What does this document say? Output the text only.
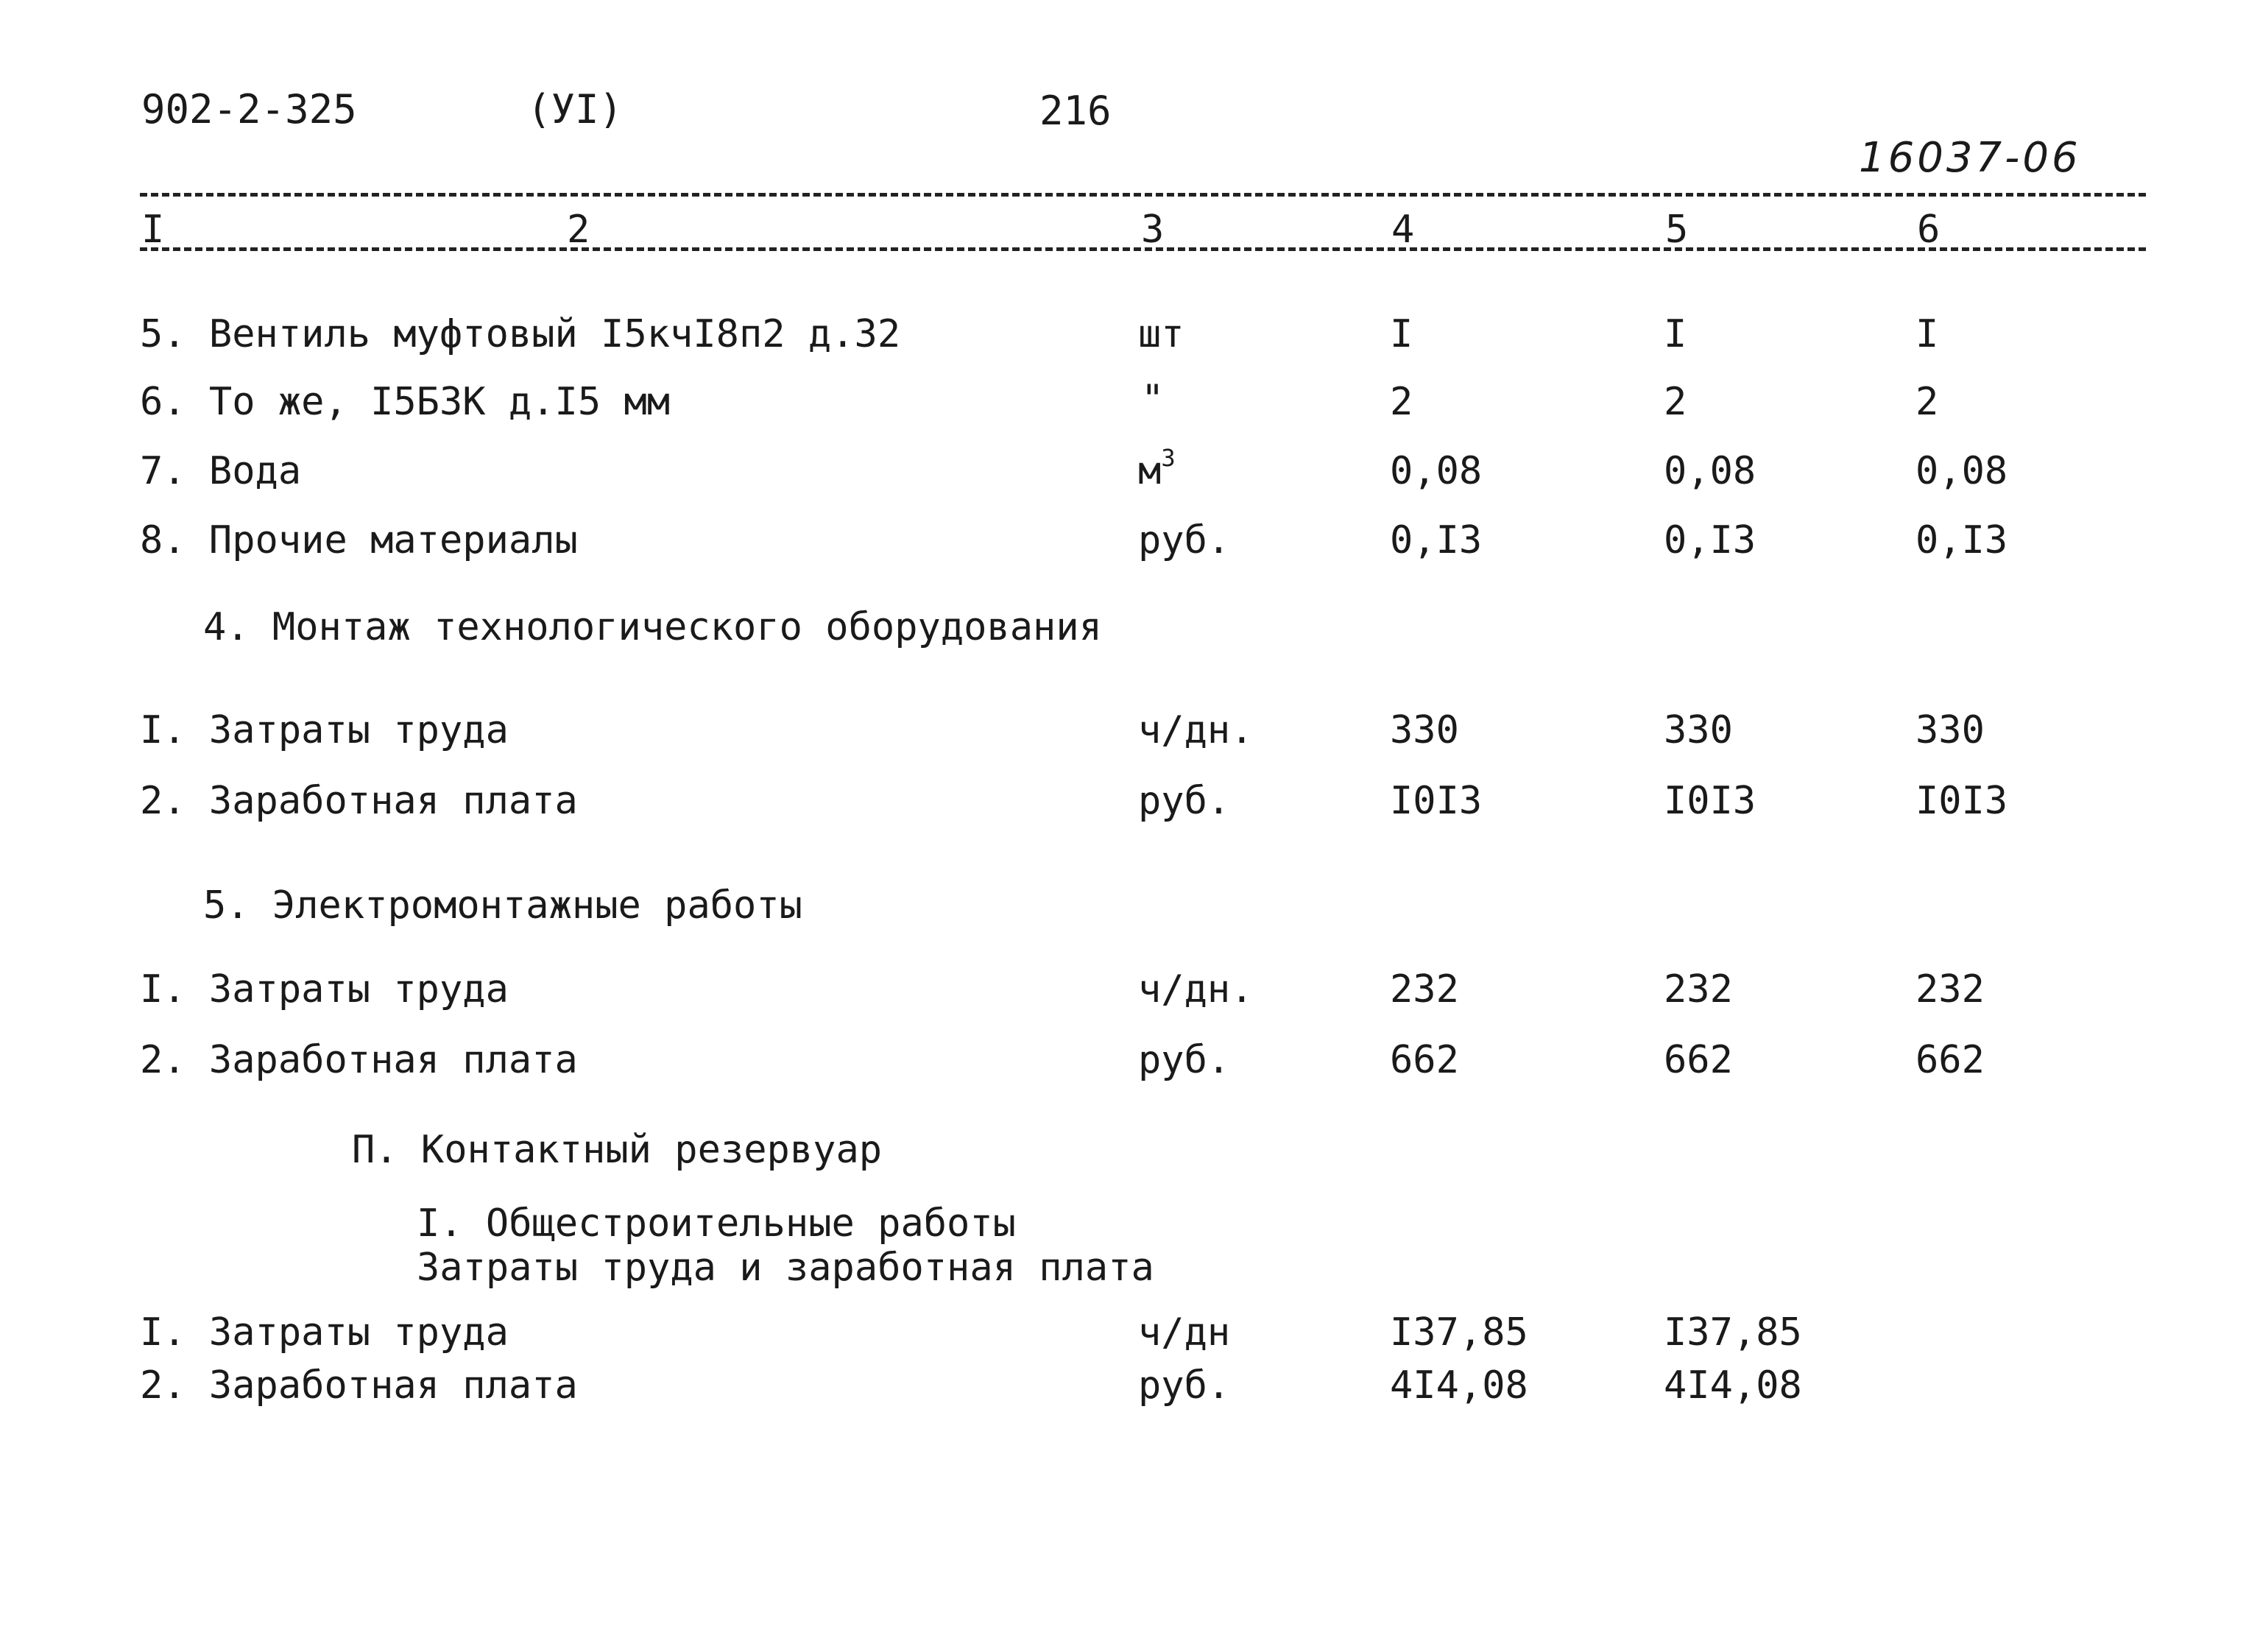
902-2-325	(УI)	216
16037-06
I	2	3	4	5	6
5. Вентиль муфтовый I5кчI8п2 д.32	шт	I	I	I
6. То же, I5Б3К д.I5 мм	"	2	2	2
7. Вода	$м^3$	0,08	0,08	0,08
8. Прочие материалы	руб.	0,I3	0,I3	0,I3
4. Монтаж технологического оборудования
I. Затраты труда	ч/дн.	330	330	330
2. Заработная плата	руб.	I0I3	I0I3	I0I3
5. Электромонтажные работы
I. Затраты труда	ч/дн.	232	232	232
2. Заработная плата	руб.	662	662	662
П. Контактный резервуар
I. Общестроительные работы
Затраты труда и заработная плата
I. Затраты труда	ч/дн	I37,85	I37,85
2. Заработная плата	руб.	4I4,08	4I4,08
